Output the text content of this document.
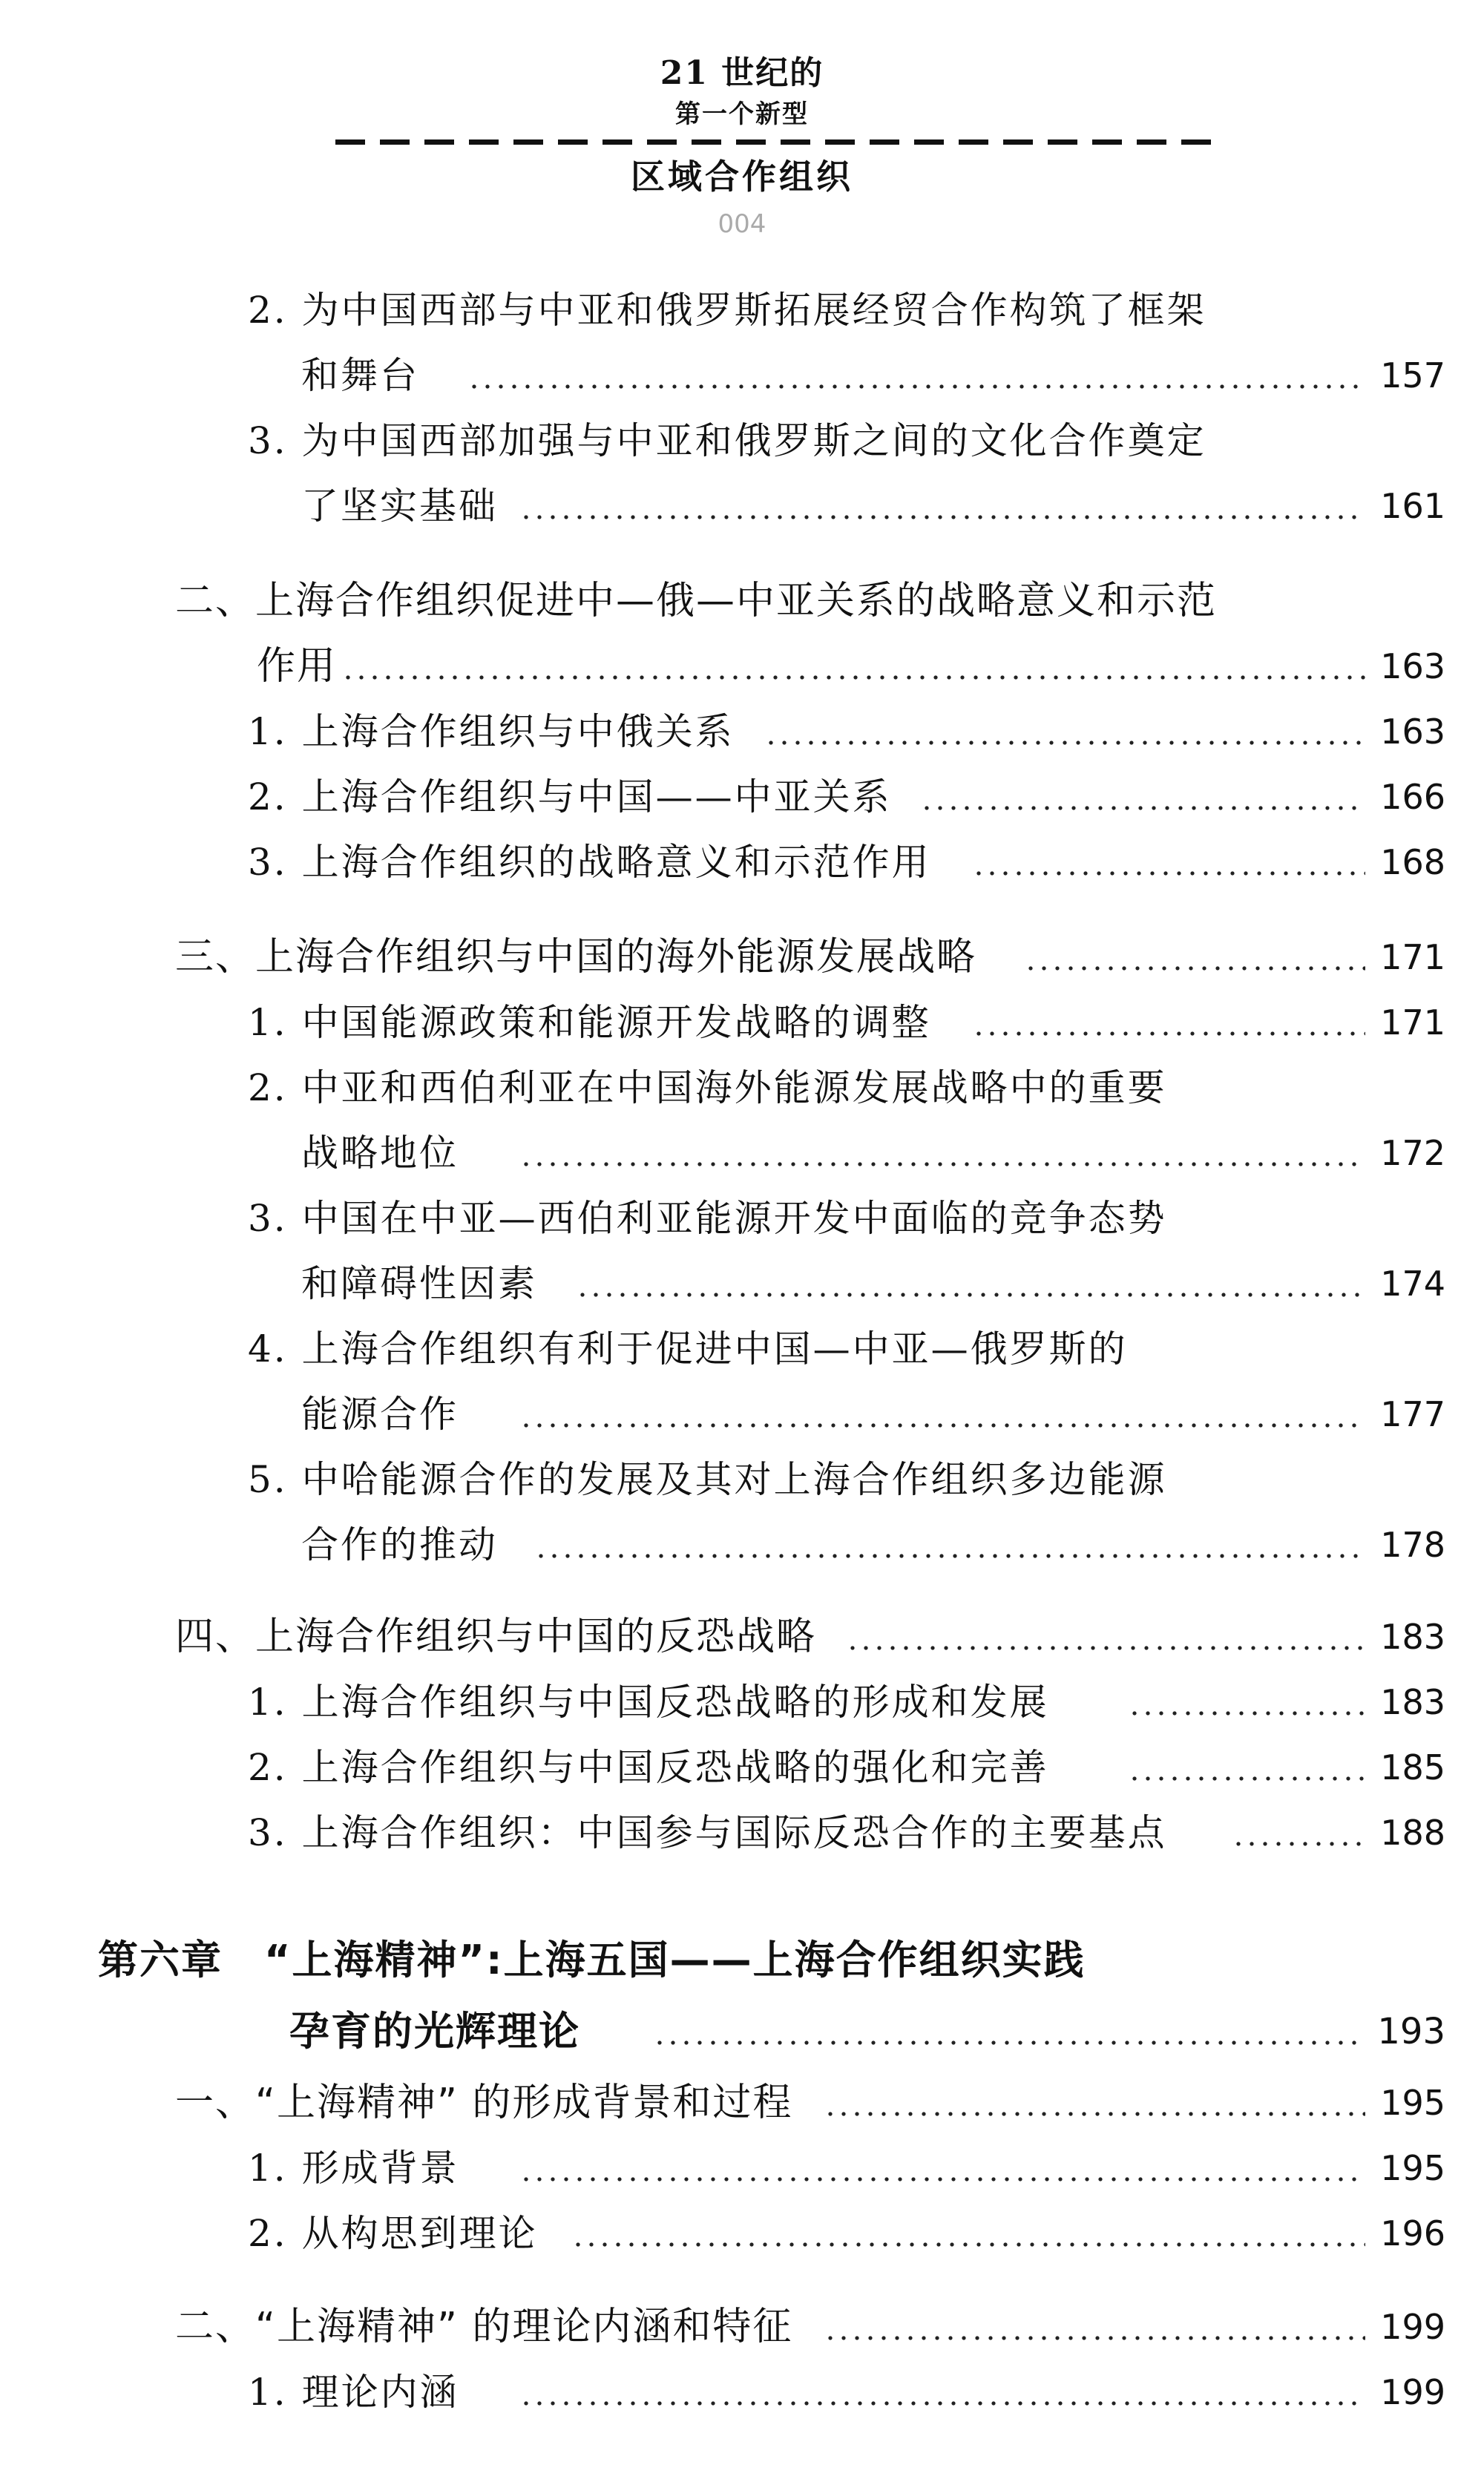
21 世纪的
第一个新型
区域合作组织
004
2. 为中国西部与中亚和俄罗斯拓展经贸合作构筑了框架
和舞台	157
3. 为中国西部加强与中亚和俄罗斯之间的文化合作奠定
了坚实基础	161
二、上海合作组织促进中—俄—中亚关系的战略意义和示范
作用	163
1. 上海合作组织与中俄关系	163
2. 上海合作组织与中国——中亚关系	166
3. 上海合作组织的战略意义和示范作用	168
三、上海合作组织与中国的海外能源发展战略	171
1. 中国能源政策和能源开发战略的调整	171
2. 中亚和西伯利亚在中国海外能源发展战略中的重要
战略地位	172
3. 中国在中亚—西伯利亚能源开发中面临的竞争态势
和障碍性因素	174
4. 上海合作组织有利于促进中国—中亚—俄罗斯的
能源合作	177
5. 中哈能源合作的发展及其对上海合作组织多边能源
合作的推动	178
四、上海合作组织与中国的反恐战略	183
1. 上海合作组织与中国反恐战略的形成和发展	183
2. 上海合作组织与中国反恐战略的强化和完善	185
3. 上海合作组织：中国参与国际反恐合作的主要基点	188
第六章　“上海精神”:上海五国——上海合作组织实践
孕育的光辉理论	193
一、“上海精神” 的形成背景和过程	195
1. 形成背景	195
2. 从构思到理论	196
二、“上海精神” 的理论内涵和特征	199
1. 理论内涵	199
